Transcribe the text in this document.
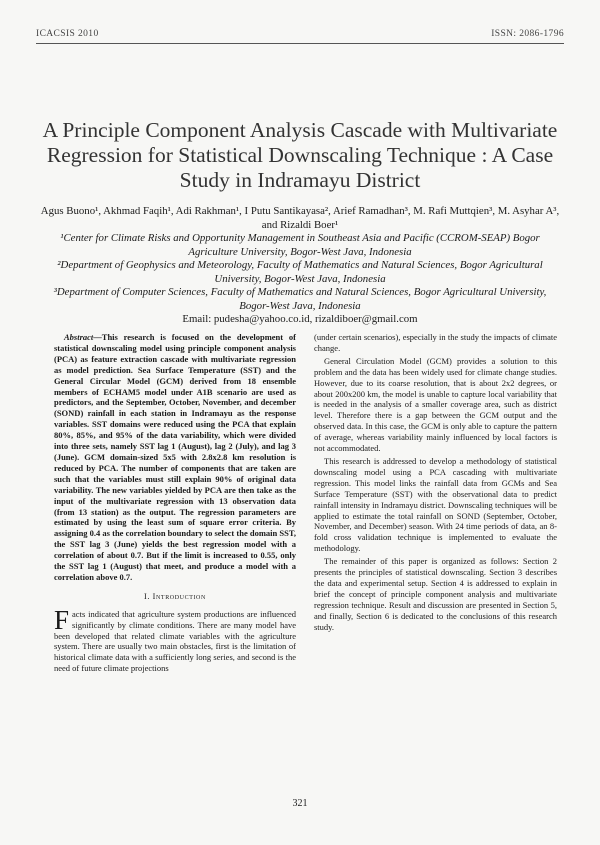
ICACSIS 2010	ISSN: 2086-1796
A Principle Component Analysis Cascade with Multivariate Regression for Statistical Downscaling Technique : A Case Study in Indramayu District
Agus Buono¹, Akhmad Faqih¹, Adi Rakhman¹, I Putu Santikayasa², Arief Ramadhan³, M. Rafi Muttqien³, M. Asyhar A³, and Rizaldi Boer¹
¹Center for Climate Risks and Opportunity Management in Southeast Asia and Pacific (CCROM-SEAP) Bogor Agriculture University, Bogor-West Java, Indonesia
²Department of Geophysics and Meteorology, Faculty of Mathematics and Natural Sciences, Bogor Agricultural University, Bogor-West Java, Indonesia
³Department of Computer Sciences, Faculty of Mathematics and Natural Sciences, Bogor Agricultural University, Bogor-West Java, Indonesia
Email: pudesha@yahoo.co.id, rizaldiboer@gmail.com

Abstract—This research is focused on the development of statistical downscaling model using principle component analysis (PCA) as feature extraction cascade with multivariate regression as model prediction. Sea Surface Temperature (SST) and the General Circular Model (GCM) derived from 18 ensemble members of ECHAM5 model under A1B scenario are used as predictors, and the September, October, November, and december (SOND) rainfall in each station in Indramayu as the response variables. SST domains were reduced using the PCA that explain 80%, 85%, and 95% of the data variability, which were divided into three sets, namely SST lag 1 (August), lag 2 (July), and lag 3 (June). GCM domain-sized 5x5 with 2.8x2.8 km resolution is reduced by PCA. The number of components that are taken are such that the variables must still explain 90% of original data variability. The new variables yielded by PCA are then take as the input of the multivariate regression with 13 observation data (from 13 station) as the output. The regression parameters are estimated by using the least sum of square error criteria. By assigning 0.4 as the correlation boundary to select the domain SST, the SST lag 3 (June) yields the best regression model with a correlation of about 0.7. But if the limit is increased to 0.55, only the SST lag 1 (August) that meet, and produce a model with a correlation above 0.7.

I. Introduction

Facts indicated that agriculture system productions are influenced significantly by climate conditions. There are many model have been developed that related climate variables with the agriculture system. There are usually two main obstacles, first is the limitation of historical climate data with a sufficiently long series, and second is the need of future climate projections

(under certain scenarios), especially in the study the impacts of climate change.

General Circulation Model (GCM) provides a solution to this problem and the data has been widely used for climate change studies. However, due to its coarse resolution, that is about 2x2 degrees, or about 200x200 km, the model is unable to capture local variability that is needed in the analysis of a smaller coverage area, such as district level. Therefore there is a gap between the GCM output and the observed data. In this case, the GCM is only able to capture the pattern of average, whereas variability mainly influenced by local factors is not accommodated.

This research is addressed to develop a methodology of statistical downscaling model using a PCA cascading with multivariate regression. This model links the rainfall data from GCMs and Sea Surface Temperature (SST) with the observational data to predict rainfall intensity in Indramayu district. Downscaling techniques will be applied to estimate the total rainfall on SOND (September, October, November, and December) season. With 24 time periods of data, an 8-fold cross validation technique is implemented to evaluate the methodology.

The remainder of this paper is organized as follows: Section 2 presents the principles of statistical downscaling. Section 3 describes the data and experimental setup. Section 4 is addressed to explain in brief the concept of principle component analysis and multivariate regression technique. Result and discussion are presented in Section 5, and finally, Section 6 is dedicated to the conclusions of this research study.

321
